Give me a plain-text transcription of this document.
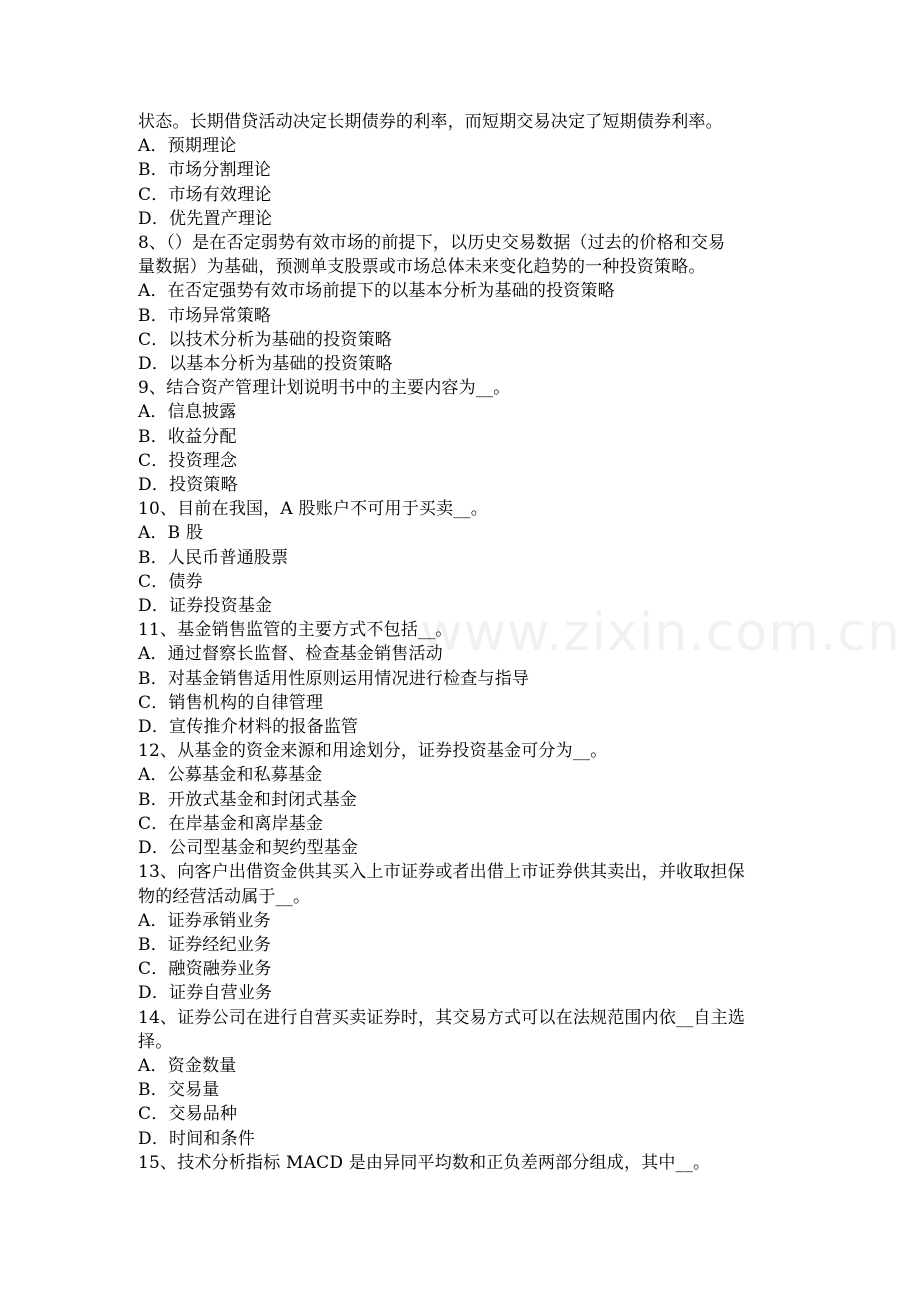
状态。长期借贷活动决定长期债券的利率，而短期交易决定了短期债券利率。
A．预期理论
B．市场分割理论
C．市场有效理论
D．优先置产理论
8、（）是在否定弱势有效市场的前提下，以历史交易数据（过去的价格和交易
量数据）为基础，预测单支股票或市场总体未来变化趋势的一种投资策略。
A．在否定强势有效市场前提下的以基本分析为基础的投资策略
B．市场异常策略
C．以技术分析为基础的投资策略
D．以基本分析为基础的投资策略
9、结合资产管理计划说明书中的主要内容为__。
A．信息披露
B．收益分配
C．投资理念
D．投资策略
10、目前在我国，A 股账户不可用于买卖__。
A．B 股
B．人民币普通股票
C．债券
D．证券投资基金
11、基金销售监管的主要方式不包括__。
A．通过督察长监督、检查基金销售活动
B．对基金销售适用性原则运用情况进行检查与指导
C．销售机构的自律管理
D．宣传推介材料的报备监管
12、从基金的资金来源和用途划分，证券投资基金可分为__。
A．公募基金和私募基金
B．开放式基金和封闭式基金
C．在岸基金和离岸基金
D．公司型基金和契约型基金
13、向客户出借资金供其买入上市证券或者出借上市证券供其卖出，并收取担保
物的经营活动属于__。
A．证券承销业务
B．证券经纪业务
C．融资融券业务
D．证券自营业务
14、证券公司在进行自营买卖证券时，其交易方式可以在法规范围内依__自主选
择。
A．资金数量
B．交易量
C．交易品种
D．时间和条件
15、技术分析指标 MACD 是由异同平均数和正负差两部分组成，其中__。
www.zixin.com.cn
